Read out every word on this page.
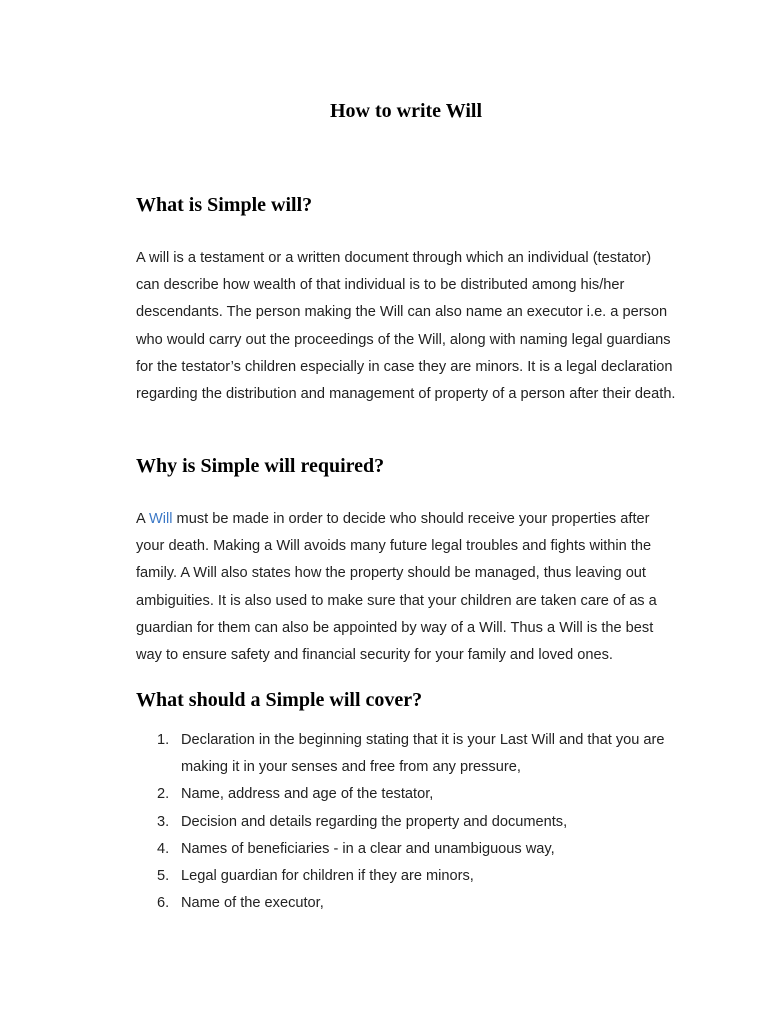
How to write Will
What is Simple will?

A will is a testament or a written document through which an individual (testator) can describe how wealth of that individual is to be distributed among his/her descendants. The person making the Will can also name an executor i.e. a person who would carry out the proceedings of the Will, along with naming legal guardians for the testator’s children especially in case they are minors. It is a legal declaration regarding the distribution and management of property of a person after their death.

Why is Simple will required?

A Will must be made in order to decide who should receive your properties after your death. Making a Will avoids many future legal troubles and fights within the family. A Will also states how the property should be managed, thus leaving out ambiguities. It is also used to make sure that your children are taken care of as a guardian for them can also be appointed by way of a Will. Thus a Will is the best way to ensure safety and financial security for your family and loved ones.

What should a Simple will cover?
1. Declaration in the beginning stating that it is your Last Will and that you are making it in your senses and free from any pressure,
2. Name, address and age of the testator,
3. Decision and details regarding the property and documents,
4. Names of beneficiaries - in a clear and unambiguous way,
5. Legal guardian for children if they are minors,
6. Name of the executor,
